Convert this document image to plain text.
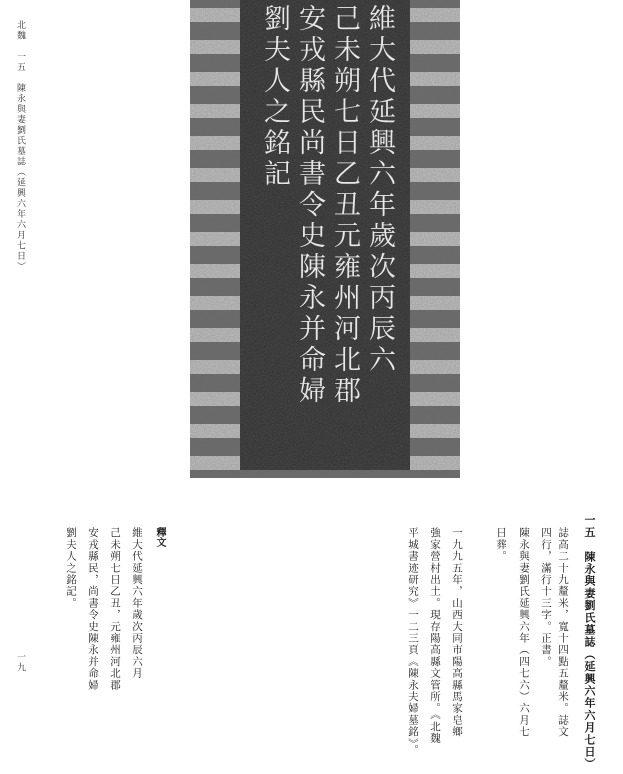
北魏　一五　陳永與妻劉氏墓誌（延興六年六月七日）
一九
維大代延興六年歲次丙辰六
己未朔七日乙丑元雍州河北郡
安戎縣民尚書令史陳永并命婦
劉夫人之銘記
一五　陳永與妻劉氏墓誌（延興六年六月七日）
誌高二十九釐米，寬十四點五釐米。誌文
四行，滿行十三字。正書。
陳永與妻劉氏延興六年（四七六）六月七
日葬。
一九九五年，山西大同市陽高縣馬家皂鄉
強家營村出土。現存陽高縣文管所。《北魏
平城書迹研究》一二三頁《陳永夫婦墓銘》。
釋文
維大代延興六年歲次丙辰六月
己未朔七日乙丑，元雍州河北郡
安戎縣民，尚書令史陳永并命婦
劉夫人之銘記。
